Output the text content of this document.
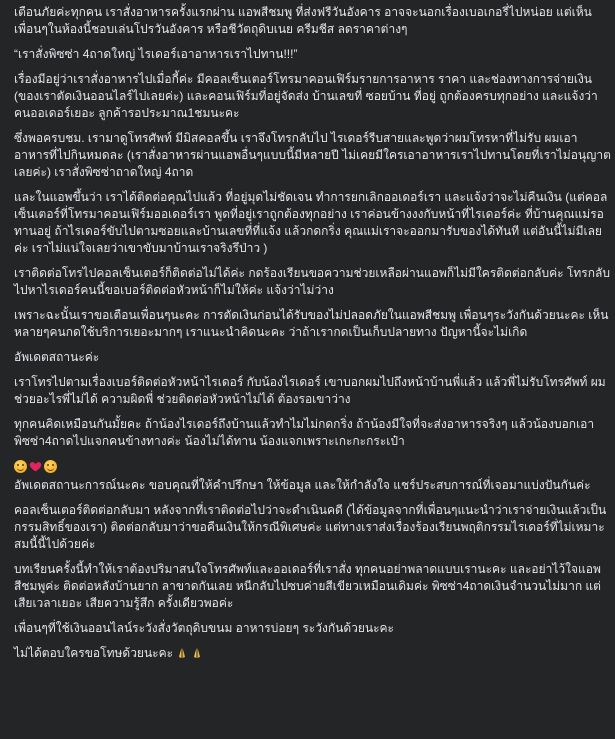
เตือนภัยค่ะทุกคน เราสั่งอาหารครั้งแรกผ่าน แอพสีชมพู ที่ส่งฟรีวันอังคาร อาจจะนอกเรื่องเบอเกอรี่ไปหน่อย แต่เห็นเพื่อนๆในห้องนี้ชอบเล่นโปรวันอังคาร หรือชีวัตถุดิบเนย ครีมชีส ลดราคาต่างๆ

“เราสั่งพิซซ่า 4ถาดใหญ่ ไรเดอร์เอาอาหารเราไปทาน!!!”

เรื่องมีอยู่ว่าเราสั่งอาหารไปเมื่อกี้ค่ะ มีคอลเซ็นเตอร์โทรมาคอนเฟิร์มรายการอาหาร ราคา และช่องทางการจ่ายเงิน (ของเราตัดเงินออนไลร์ไปเลยค่ะ) และคอนเฟิร์มที่อยู่จัดส่ง บ้านเลขที่ ซอยบ้าน ที่อยู่ ถูกต้องครบทุกอย่าง และแจ้งว่าคนออเดอร์เยอะ ลูกค้ารอประมาณ1ชมนะคะ

ซึ่งพอครบชม. เรามาดูโทรศัพท์ มีมิสคอลขึ้น เราจึงโทรกลับไป ไรเดอร์รีบสายและพูดว่าผมโทรหาที่ไม่รับ ผมเอาอาหารที่ไปกินหมดละ (เราสั่งอาหารผ่านแอพอื่นๆแบบนี้มีหลายปี ไม่เคยมีใครเอาอาหารเราไปทานโดยที่เราไม่อนุญาตเลยค่ะ) เราสั่งพิซซ่าถาดใหญ่ 4ถาด

และในแอพขึ้นว่า เราได้ติดต่อคุณไปแล้ว ที่อยู่มุดไม่ชัดเจน ทำการยกเลิกออเดอร์เรา และแจ้งว่าจะไม่คืนเงิน (แต่คอลเซ็นเตอร์ที่โทรมาคอนเฟิร์มออเดอร์เรา พูดที่อยู่เราถูกต้องทุกอย่าง เราค่อนข้างงงกับหน้าที่ไรเดอร์ค่ะ ที่บ้านคุณแม่รอทานอยู่ ถ้าไรเดอร์ขับไปตามซอยและบ้านเลขที่ที่แจ้ง แล้วกดกริ่ง คุณแม่เราจะออกมารับของได้ทันที แต่อันนี้ไม่มีเลยค่ะ เราไม่แน่ใจเลยว่าเขาขับมาบ้านเราจริงรึป่าว )

เราติดต่อโทรไปคอลเซ็นเตอร์ก็ติดต่อไม่ได้ค่ะ กดร้องเรียนขอความช่วยเหลือผ่านแอพก็ไม่มีใครติดต่อกลับค่ะ โทรกลับไปหาไรเดอร์คนนี้ขอเบอร์ติดต่อหัวหน้าก็ไม่ให้ค่ะ แจ้งว่าไม่ว่าง

เพราะฉะนั้นเราขอเตือนเพื่อนๆนะคะ การตัดเงินก่อนได้รับของไม่ปลอดภัยในแอพสีชมพู เพื่อนๆระวังกันด้วยนะคะ เห็นหลายๆคนกดใช้บริการเยอะมากๆ เราแนะนำคิดนะคะ ว่าถ้าเรากดเป็นเก็บปลายทาง ปัญหานี้จะไม่เกิด

อัพเดตสถานะค่ะ

เราโทรไปตามเรื่องเบอร์ติดต่อหัวหน้าไรเดอร์ กับน้องไรเดอร์ เขาบอกผมไปถึงหน้าบ้านพี่แล้ว แล้วพี่ไม่รับโทรศัพท์ ผมช่วยอะไรพี่ไม่ได้ ความผิดพี่ ช่วยติดต่อหัวหน้าไม่ได้ ต้องรอเขาว่าง

ทุกคนคิดเหมือนกันมั้ยคะ ถ้าน้องไรเดอร์ถึงบ้านแล้วทำไมไม่กดกริ่ง ถ้าน้องมีใจที่จะส่งอาหารจริงๆ แล้วน้องบอกเอาพิซซ่า4ถาดไปแจกคนข้างทางค่ะ น้องไม่ได้ทาน น้องแจกเพราะเกะกะกระเป๋า

อัพเดตสถานะการณ์นะคะ ขอบคุณที่ให้คำปรึกษา ให้ข้อมูล และให้กำลังใจ แชร์ประสบการณ์ที่เจอมาแบ่งปันกันค่ะ

คอลเซ็นเตอร์ติดต่อกลับมา หลังจากที่เราติดต่อไปว่าจะดำเนินคดี (ได้ข้อมูลจากที่เพื่อนๆแนะนำว่าเราจ่ายเงินแล้วเป็นกรรมสิทธิ์ของเรา) ติดต่อกลับมาว่าขอคืนเงินให้กรณีพิเศษค่ะ แต่ทางเราส่งเรื่องร้องเรียนพฤติกรรมไรเดอร์ที่ไม่เหมาะสมนี้นี้ไปด้วยค่ะ

บทเรียนครั้งนี้ทำให้เราต้องปริมาสนใจโทรศัพท์และออเดอร์ที่เราสั่ง ทุกคนอย่าพลาดแบบเรานะคะ และอย่าไว้ใจแอพสีชมพูค่ะ ติดต่อหลังบ้านยาก ลาขาดกันเลย หนีกลับไปซบค่ายสีเขียวเหมือนเดิมค่ะ พิซซ่า4ถาดเงินจำนวนไม่มาก แต่เสียเวลาเยอะ เสียความรู้สึก ครั้งเดียวพอค่ะ

เพื่อนๆที่ใช้เงินออนไลน์ระวังสั่งวัตถุดิบขนม อาหารบ่อยๆ ระวังกันด้วยนะคะ

ไม่ได้ตอบใครขอโทษด้วยนะคะ
